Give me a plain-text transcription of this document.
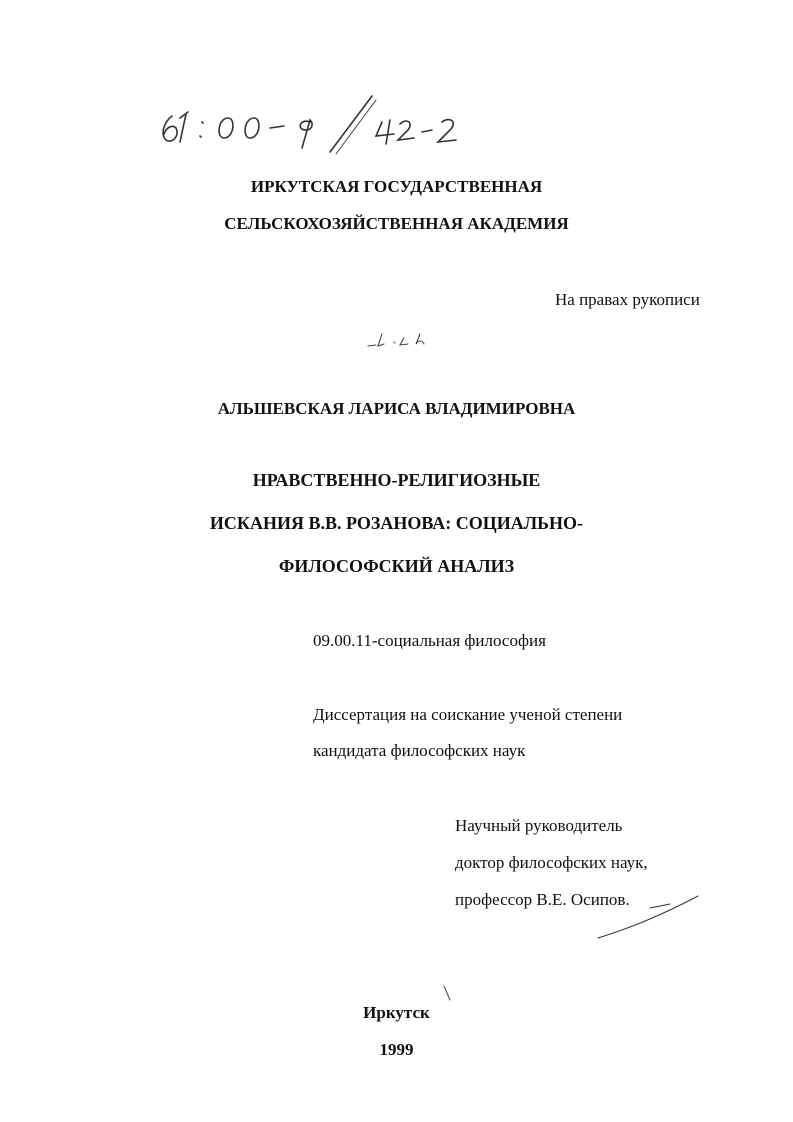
ИРКУТСКАЯ ГОСУДАРСТВЕННАЯ
СЕЛЬСКОХОЗЯЙСТВЕННАЯ АКАДЕМИЯ
На правах рукописи
АЛЬШЕВСКАЯ ЛАРИСА ВЛАДИМИРОВНА
НРАВСТВЕННО-РЕЛИГИОЗНЫЕ
ИСКАНИЯ В.В. РОЗАНОВА: СОЦИАЛЬНО-
ФИЛОСОФСКИЙ АНАЛИЗ
09.00.11-социальная философия
Диссертация на соискание ученой степени
кандидата философских наук
Научный руководитель
доктор философских наук,
профессор В.Е. Осипов.
Иркутск
1999
